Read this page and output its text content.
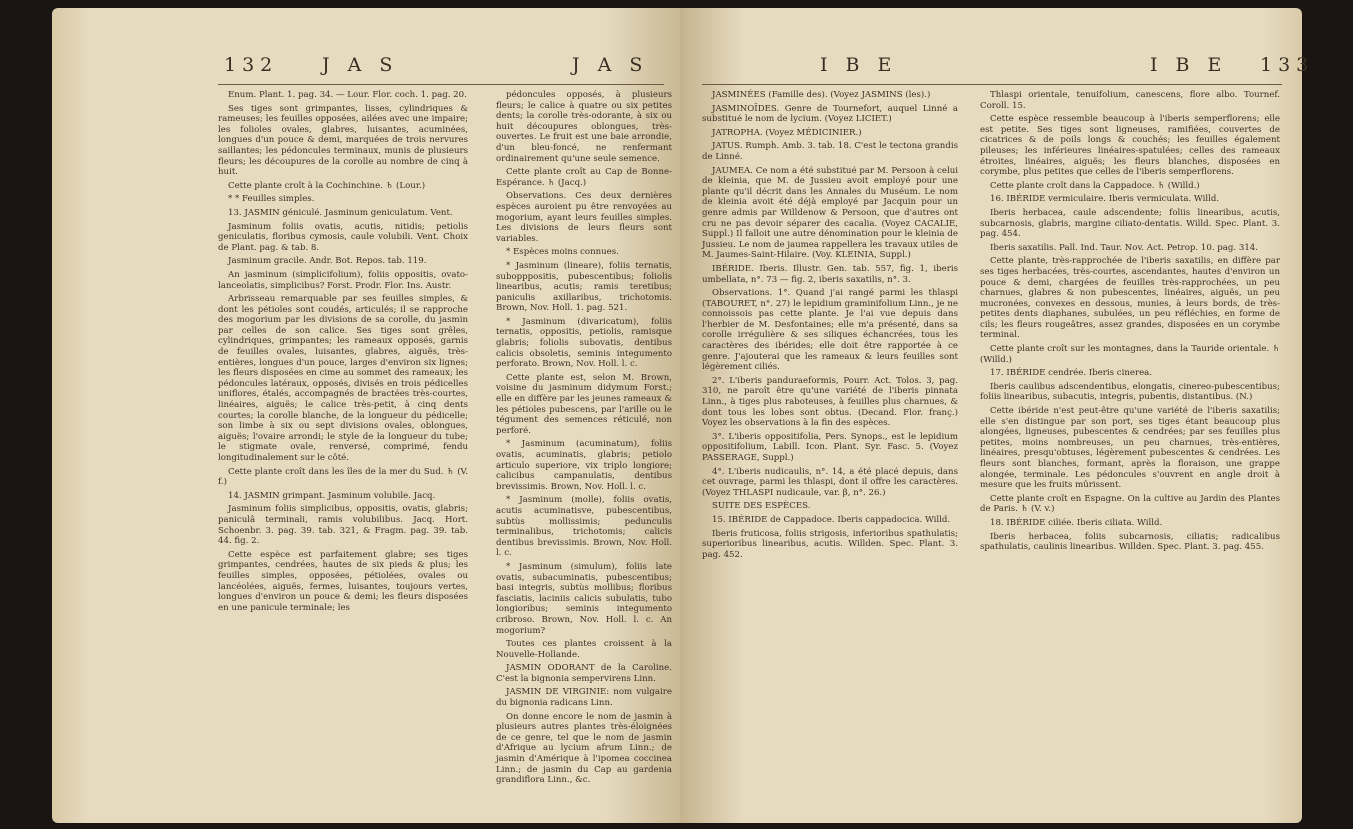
132 J A S	J A S

Enum. Plant. 1. pag. 34. — Lour. Flor. coch. 1. pag. 20.

Ses tiges sont grimpantes, lisses, cylindriques & rameuses; les feuilles opposées, ailées avec une impaire; les folioles ovales, glabres, luisantes, acuminées, longues d'un pouce & demi, marquées de trois nervures saillantes; les pédoncules terminaux, munis de plusieurs fleurs; les découpures de la corolle au nombre de cinq à huit.

Cette plante croît à la Cochinchine. ♄ (Lour.)

* * Feuilles simples.

13. JASMIN géniculé. Jasminum geniculatum. Vent.

Jasminum foliis ovatis, acutis, nitidis; petiolis geniculatis, floribus cymosis, caule volubili. Vent. Choix de Plant. pag. & tab. 8.

Jasminum gracile. Andr. Bot. Repos. tab. 119.

An jasminum (simplicifolium), foliis oppositis, ovato-lanceolatis, simplicibus? Forst. Prodr. Flor. Ins. Austr.

Arbrisseau remarquable par ses feuilles simples, & dont les pétioles sont coudés, articulés; il se rapproche des mogorium par les divisions de sa corolle, du jasmin par celles de son calice. Ses tiges sont grêles, cylindriques, grimpantes; les rameaux opposés, garnis de feuilles ovales, luisantes, glabres, aiguës, très-entières, longues d'un pouce, larges d'environ six lignes; les fleurs disposées en cime au sommet des rameaux; les pédoncules latéraux, opposés, divisés en trois pédicelles uniflores, étalés, accompagnés de bractées très-courtes, linéaires, aiguës; le calice très-petit, à cinq dents courtes; la corolle blanche, de la longueur du pédicelle; son limbe à six ou sept divisions ovales, oblongues, aiguës; l'ovaire arrondi; le style de la longueur du tube; le stigmate ovale, renversé, comprimé, fendu longitudinalement sur le côté.

Cette plante croît dans les îles de la mer du Sud. ♄ (V. f.)

14. JASMIN grimpant. Jasminum volubile. Jacq.

Jasminum foliis simplicibus, oppositis, ovatis, glabris; paniculâ terminali, ramis volubilibus. Jacq. Hort. Schoenbr. 3. pag. 39. tab. 321, & Fragm. pag. 39. tab. 44. fig. 2.

Cette espèce est parfaitement glabre; ses tiges grimpantes, cendrées, hautes de six pieds & plus; les feuilles simples, opposées, pétiolées, ovales ou lancéolées, aiguës, fermes, luisantes, toujours vertes, longues d'environ un pouce & demi; les fleurs disposées en une panicule terminale; les

pédoncules opposés, à plusieurs fleurs; le calice à quatre ou six petites dents; la corolle très-odorante, à six ou huit découpures oblongues, très-ouvertes. Le fruit est une baie arrondie, d'un bleu-foncé, ne renfermant ordinairement qu'une seule semence.

Cette plante croît au Cap de Bonne-Espérance. ♄ (Jacq.)

Observations. Ces deux dernières espèces auroient pu être renvoyées au mogorium, ayant leurs feuilles simples. Les divisions de leurs fleurs sont variables.

* Espèces moins connues.

* Jasminum (lineare), foliis ternatis, subopppositis, pubescentibus; foliolis linearibus, acutis; ramis teretibus; paniculis axillaribus, trichotomis. Brown, Nov. Holl. 1. pag. 521.

* Jasminum (divaricatum), foliis ternatis, oppositis, petiolis, ramisque glabris; foliolis subovatis, dentibus calicis obsoletis, seminis integumento perforato. Brown, Nov. Holl. l. c.

Cette plante est, selon M. Brown, voisine du jasminum didymum Forst.; elle en diffère par les jeunes rameaux & les pétioles pubescens, par l'arille ou le tégument des semences réticulé, non perforé.

* Jasminum (acuminatum), foliis ovatis, acuminatis, glabris; petiolo articulo superiore, vix triplo longiore; calicibus campanulatis, dentibus brevissimis. Brown, Nov. Holl. l. c.

* Jasminum (molle), foliis ovatis, acutis acuminatisve, pubescentibus, subtùs mollissimis; pedunculis terminalibus, trichotomis; calicis dentibus brevissimis. Brown, Nov. Holl. l. c.

* Jasminum (simulum), foliis late ovatis, subacuminatis, pubescentibus; basi integris, subtùs mollibus; floribus fasciatis, laciniis calicis subulatis, tubo longioribus; seminis integumento cribroso. Brown, Nov. Holl. l. c. An mogorium?

Toutes ces plantes croissent à la Nouvelle-Hollande.

JASMIN ODORANT de la Caroline. C'est la bignonia sempervirens Linn.

JASMIN DE VIRGINIE: nom vulgaire du bignonia radicans Linn.

On donne encore le nom de jasmin à plusieurs autres plantes très-éloignées de ce genre, tel que le nom de jasmin d'Afrique au lycium afrum Linn.; de jasmin d'Amérique à l'ipomea coccinea Linn.; de jasmin du Cap au gardenia grandiflora Linn., &c.

I B E	I B E 133

JASMINÉES (Famille des). (Voyez JASMINS (les).)

JASMINOÏDES. Genre de Tournefort, auquel Linné a substitué le nom de lycium. (Voyez LICIET.)

JATROPHA. (Voyez MÉDICINIER.)

JATUS. Rumph. Amb. 3. tab. 18. C'est le tectona grandis de Linné.

JAUMEA. Ce nom a été substitué par M. Persoon à celui de kleinia, que M. de Jussieu avoit employé pour une plante qu'il décrit dans les Annales du Muséum. Le nom de kleinia avoit été déjà employé par Jacquin pour un genre admis par Willdenow & Persoon, que d'autres ont cru ne pas devoir séparer des cacalia. (Voyez CACALIE, Suppl.) Il falloit une autre dénomination pour le kleinia de Jussieu. Le nom de jaumea rappellera les travaux utiles de M. Jaumes-Saint-Hilaire. (Voy. KLEINIA, Suppl.)

IBÉRIDE. Iberis. Illustr. Gen. tab. 557, fig. 1, iberis umbellata, n°. 73 — fig. 2, iberis saxatilis, n°. 3.

Observations. 1°. Quand j'ai rangé parmi les thlaspi (TABOURET, n°. 27) le lepidium graminifolium Linn., je ne connoissois pas cette plante. Je l'ai vue depuis dans l'herbier de M. Desfontaines; elle m'a présenté, dans sa corolle irrégulière & ses siliques échancrées, tous les caractères des ibérides; elle doit être rapportée à ce genre. J'ajouterai que les rameaux & leurs feuilles sont légèrement ciliés.

2°. L'iberis panduraeformis, Pourr. Act. Tolos. 3, pag. 310, ne paroît être qu'une variété de l'iberis pinnata Linn., à tiges plus raboteuses, à feuilles plus charnues, & dont tous les lobes sont obtus. (Decand. Flor. franç.) Voyez les observations à la fin des espèces.

3°. L'iberis oppositifolia, Pers. Synops., est le lepidium oppositifolium, Labill. Icon. Plant. Syr. Fasc. 5. (Voyez PASSERAGE, Suppl.)

4°. L'iberis nudicaulis, n°. 14, a été placé depuis, dans cet ouvrage, parmi les thlaspi, dont il offre les caractères. (Voyez THLASPI nudicaule, var. β, n°. 26.)

SUITE DES ESPÈCES.

15. IBÉRIDE de Cappadoce. Iberis cappadocica. Willd.

Iberis fruticosa, foliis strigosis, inferioribus spathulatis; superioribus linearibus, acutis. Willden. Spec. Plant. 3. pag. 452.

Thlaspi orientale, tenuifolium, canescens, flore albo. Tournef. Coroll. 15.

Cette espèce ressemble beaucoup à l'iberis semperflorens; elle est petite. Ses tiges sont ligneuses, ramifiées, couvertes de cicatrices & de poils longs & couchés; les feuilles également pileuses; les inférieures linéaires-spatulées; celles des rameaux étroites, linéaires, aiguës; les fleurs blanches, disposées en corymbe, plus petites que celles de l'iberis semperflorens.

Cette plante croît dans la Cappadoce. ♄ (Willd.)

16. IBÉRIDE vermiculaire. Iberis vermiculata. Willd.

Iberis herbacea, caule adscendente; foliis linearibus, acutis, subcarnosis, glabris, margine ciliato-dentatis. Willd. Spec. Plant. 3. pag. 454.

Iberis saxatilis. Pall. Ind. Taur. Nov. Act. Petrop. 10. pag. 314.

Cette plante, très-rapprochée de l'iberis saxatilis, en diffère par ses tiges herbacées, très-courtes, ascendantes, hautes d'environ un pouce & demi, chargées de feuilles très-rapprochées, un peu charnues, glabres & non pubescentes, linéaires, aiguës, un peu mucronées, convexes en dessous, munies, à leurs bords, de très-petites dents diaphanes, subulées, un peu réfléchies, en forme de cils; les fleurs rougeâtres, assez grandes, disposées en un corymbe terminal.

Cette plante croît sur les montagnes, dans la Tauride orientale. ♄ (Willd.)

17. IBÉRIDE cendrée. Iberis cinerea.

Iberis caulibus adscendentibus, elongatis, cinereo-pubescentibus; foliis linearibus, subacutis, integris, pubentis, distantibus. (N.)

Cette ibéride n'est peut-être qu'une variété de l'iberis saxatilis; elle s'en distingue par son port, ses tiges étant beaucoup plus alongées, ligneuses, pubescentes & cendrées; par ses feuilles plus petites, moins nombreuses, un peu charnues, très-entières, linéaires, presqu'obtuses, légèrement pubescentes & cendrées. Les fleurs sont blanches, formant, après la floraison, une grappe alongée, terminale. Les pédoncules s'ouvrent en angle droit à mesure que les fruits mûrissent.

Cette plante croît en Espagne. On la cultive au Jardin des Plantes de Paris. ♄ (V. v.)

18. IBÉRIDE ciliée. Iberis ciliata. Willd.

Iberis herbacea, foliis subcarnosis, ciliatis; radicalibus spathulatis, caulinis linearibus. Willden. Spec. Plant. 3. pag. 455.
